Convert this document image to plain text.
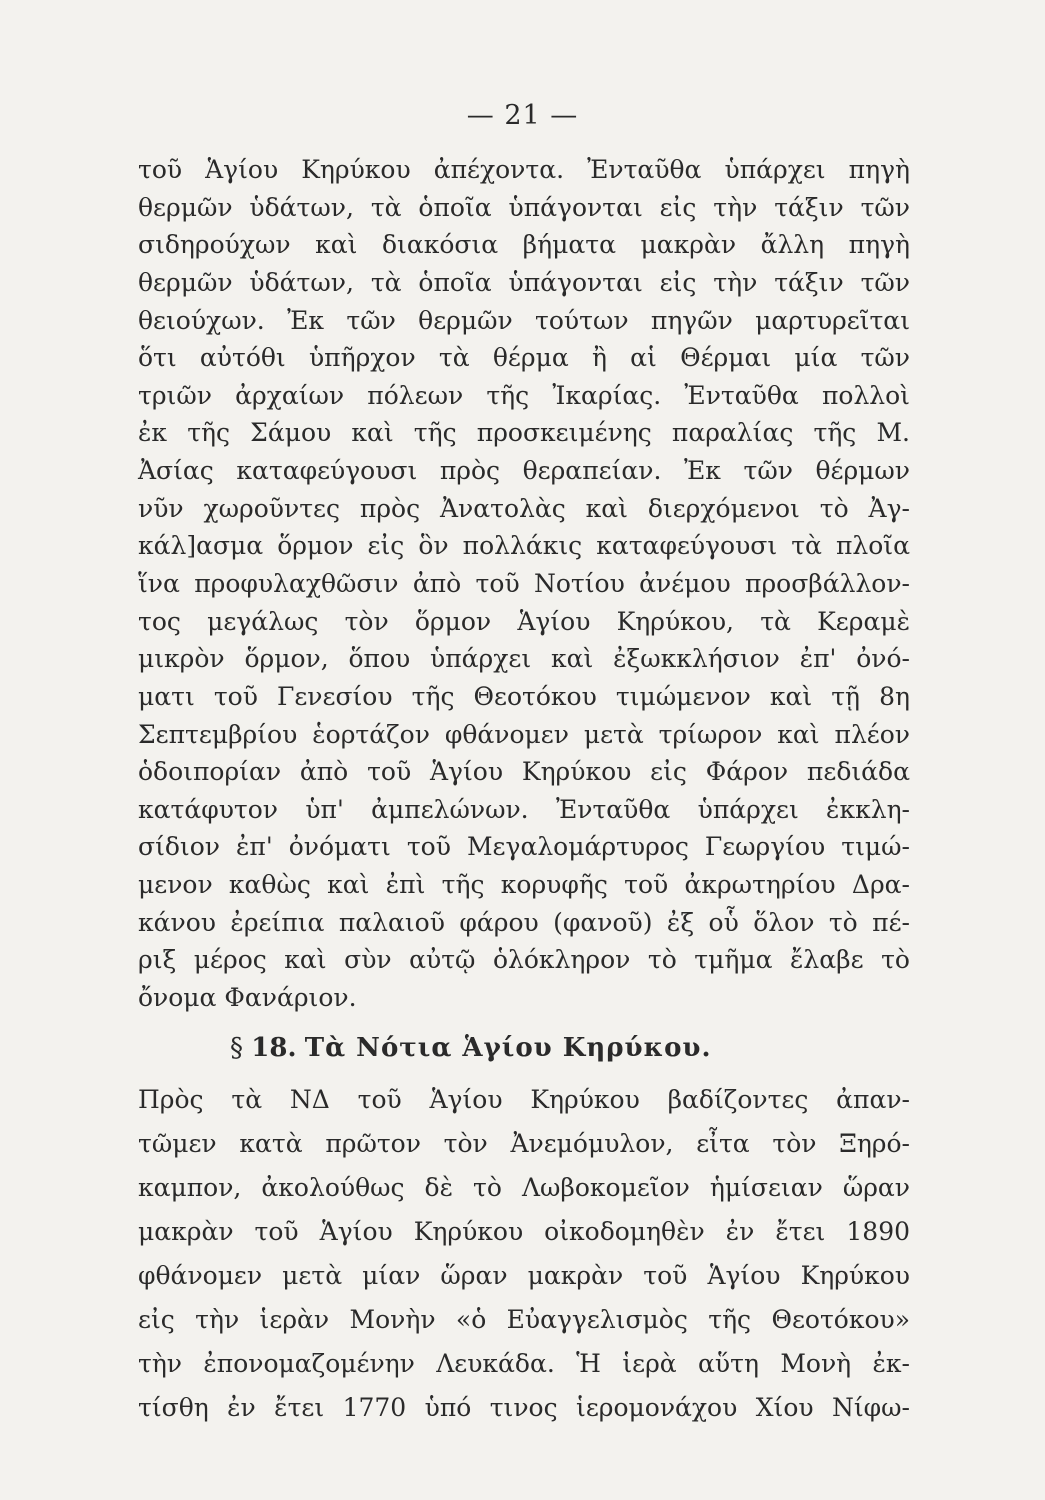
— 21 —
τοῦ Ἁγίου Κηρύκου ἀπέχοντα. Ἐνταῦθα ὑπάρχει πηγὴ
θερμῶν ὑδάτων, τὰ ὁποῖα ὑπάγονται εἰς τὴν τάξιν τῶν
σιδηρούχων καὶ διακόσια βήματα μακρὰν ἄλλη πηγὴ
θερμῶν ὑδάτων, τὰ ὁποῖα ὑπάγονται εἰς τὴν τάξιν τῶν
θειούχων. Ἐκ τῶν θερμῶν τούτων πηγῶν μαρτυρεῖται
ὅτι αὐτόθι ὑπῆρχον τὰ θέρμα ἢ αἱ Θέρμαι μία τῶν
τριῶν ἀρχαίων πόλεων τῆς Ἰκαρίας. Ἐνταῦθα πολλοὶ
ἐκ τῆς Σάμου καὶ τῆς προσκειμένης παραλίας τῆς Μ.
Ἀσίας καταφεύγουσι πρὸς θεραπείαν. Ἐκ τῶν θέρμων
νῦν χωροῦντες πρὸς Ἀνατολὰς καὶ διερχόμενοι τὸ Ἀγ-
κάλ]ασμα ὅρμον εἰς ὃν πολλάκις καταφεύγουσι τὰ πλοῖα
ἵνα προφυλαχθῶσιν ἀπὸ τοῦ Νοτίου ἀνέμου προσβάλλον-
τος μεγάλως τὸν ὅρμον Ἁγίου Κηρύκου, τὰ Κεραμὲ
μικρὸν ὅρμον, ὅπου ὑπάρχει καὶ ἐξωκκλήσιον ἐπ' ὀνό-
ματι τοῦ Γενεσίου τῆς Θεοτόκου τιμώμενον καὶ τῇ 8η
Σεπτεμβρίου ἑορτάζον φθάνομεν μετὰ τρίωρον καὶ πλέον
ὁδοιπορίαν ἀπὸ τοῦ Ἁγίου Κηρύκου εἰς Φάρον πεδιάδα
κατάφυτον ὑπ' ἀμπελώνων. Ἐνταῦθα ὑπάρχει ἐκκλη-
σίδιον ἐπ' ὀνόματι τοῦ Μεγαλομάρτυρος Γεωργίου τιμώ-
μενον καθὼς καὶ ἐπὶ τῆς κορυφῆς τοῦ ἀκρωτηρίου Δρα-
κάνου ἐρείπια παλαιοῦ φάρου (φανοῦ) ἐξ οὗ ὅλον τὸ πέ-
ριξ μέρος καὶ σὺν αὐτῷ ὁλόκληρον τὸ τμῆμα ἔλαβε τὸ
ὄνομα Φανάριον.
§ 18. Τὰ Νότια Ἁγίου Κηρύκου.
Πρὸς τὰ ΝΔ τοῦ Ἁγίου Κηρύκου βαδίζοντες ἀπαν-
τῶμεν κατὰ πρῶτον τὸν Ἀνεμόμυλον, εἶτα τὸν Ξηρό-
καμπον, ἀκολούθως δὲ τὸ Λωβοκομεῖον ἡμίσειαν ὥραν
μακρὰν τοῦ Ἁγίου Κηρύκου οἰκοδομηθὲν ἐν ἔτει 1890
φθάνομεν μετὰ μίαν ὥραν μακρὰν τοῦ Ἁγίου Κηρύκου
εἰς τὴν ἱερὰν Μονὴν «ὁ Εὐαγγελισμὸς τῆς Θεοτόκου»
τὴν ἐπονομαζομένην Λευκάδα. Ἡ ἱερὰ αὕτη Μονὴ ἐκ-
τίσθη ἐν ἔτει 1770 ὑπό τινος ἱερομονάχου Χίου Νίφω-
